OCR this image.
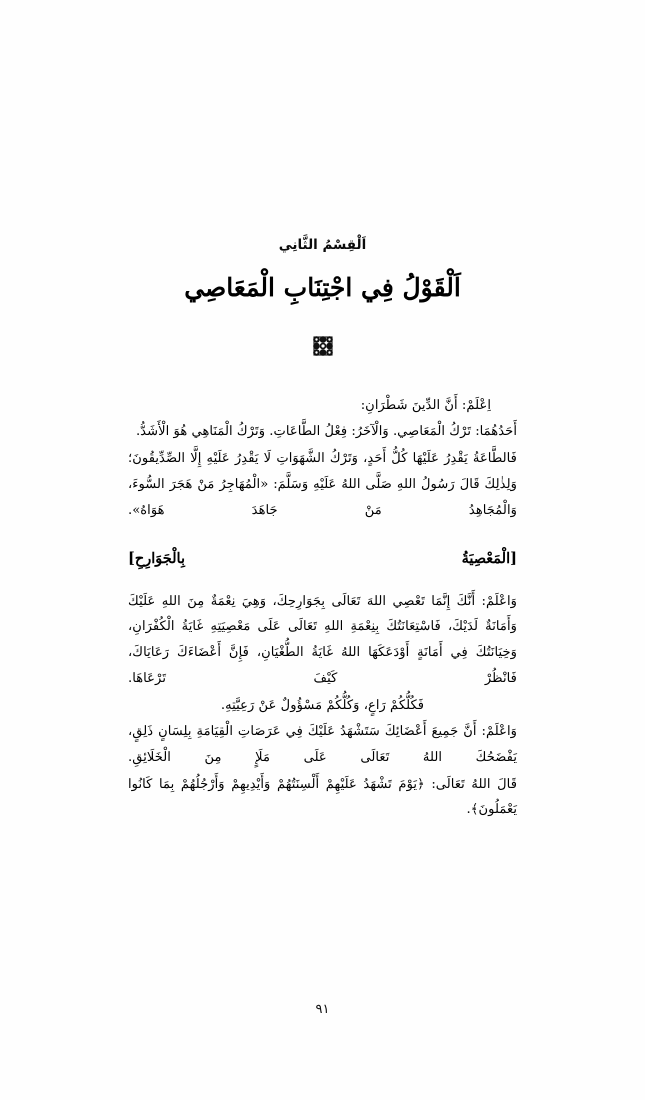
اَلْقِسْمُ الثَّانِي
اَلْقَوْلُ فِي اجْتِنَابِ الْمَعَاصِي

اِعْلَمْ: أَنَّ الدِّينَ شَطْرَانِ:

أَحَدُهُمَا: تَرْكُ الْمَعَاصِي. وَالْآخَرُ: فِعْلُ الطَّاعَاتِ. وَتَرْكُ الْمَنَاهِي هُوَ الْأَشَدُّ.

فَالطَّاعَةُ يَقْدِرُ عَلَيْهَا كُلُّ أَحَدٍ، وَتَرْكُ الشَّهَوَاتِ لَا يَقْدِرُ عَلَيْهِ إِلَّا الصِّدِّيقُونَ؛ وَلِذٰلِكَ قَالَ رَسُولُ اللهِ صَلَّى اللهُ عَلَيْهِ وَسَلَّمَ: «الْمُهَاجِرُ مَنْ هَجَرَ السُّوءَ، وَالْمُجَاهِدُ مَنْ جَاهَدَ هَوَاهُ».

[الْمَعْصِيَةُ بِالْجَوَارِحِ]

وَاعْلَمْ: أَنَّكَ إِنَّمَا تَعْصِي اللهَ تَعَالَى بِجَوَارِحِكَ، وَهِيَ نِعْمَةٌ مِنَ اللهِ عَلَيْكَ وَأَمَانَةٌ لَدَيْكَ، فَاسْتِعَانَتُكَ بِنِعْمَةِ اللهِ تَعَالَى عَلَى مَعْصِيَتِهِ غَايَةُ الْكُفْرَانِ، وَخِيَانَتُكَ فِي أَمَانَةٍ أَوْدَعَكَهَا اللهُ غَايَةُ الطُّغْيَانِ، فَإِنَّ أَعْضَاءَكَ رَعَايَاكَ، فَانْظُرْ كَيْفَ تَرْعَاهَا.

فَكُلُّكُمْ رَاعٍ، وَكُلُّكُمْ مَسْؤُولٌ عَنْ رَعِيَّتِهِ.

وَاعْلَمْ: أَنَّ جَمِيعَ أَعْضَائِكَ سَتَشْهَدُ عَلَيْكَ فِي عَرَصَاتِ الْقِيَامَةِ بِلِسَانٍ ذَلِقٍ، يَفْضَحُكَ اللهُ تَعَالَى عَلَى مَلَإٍ مِنَ الْخَلَائِقِ.

قَالَ اللهُ تَعَالَى: ﴿يَوْمَ تَشْهَدُ عَلَيْهِمْ أَلْسِنَتُهُمْ وَأَيْدِيهِمْ وَأَرْجُلُهُمْ بِمَا كَانُوا يَعْمَلُونَ﴾.

٩١
